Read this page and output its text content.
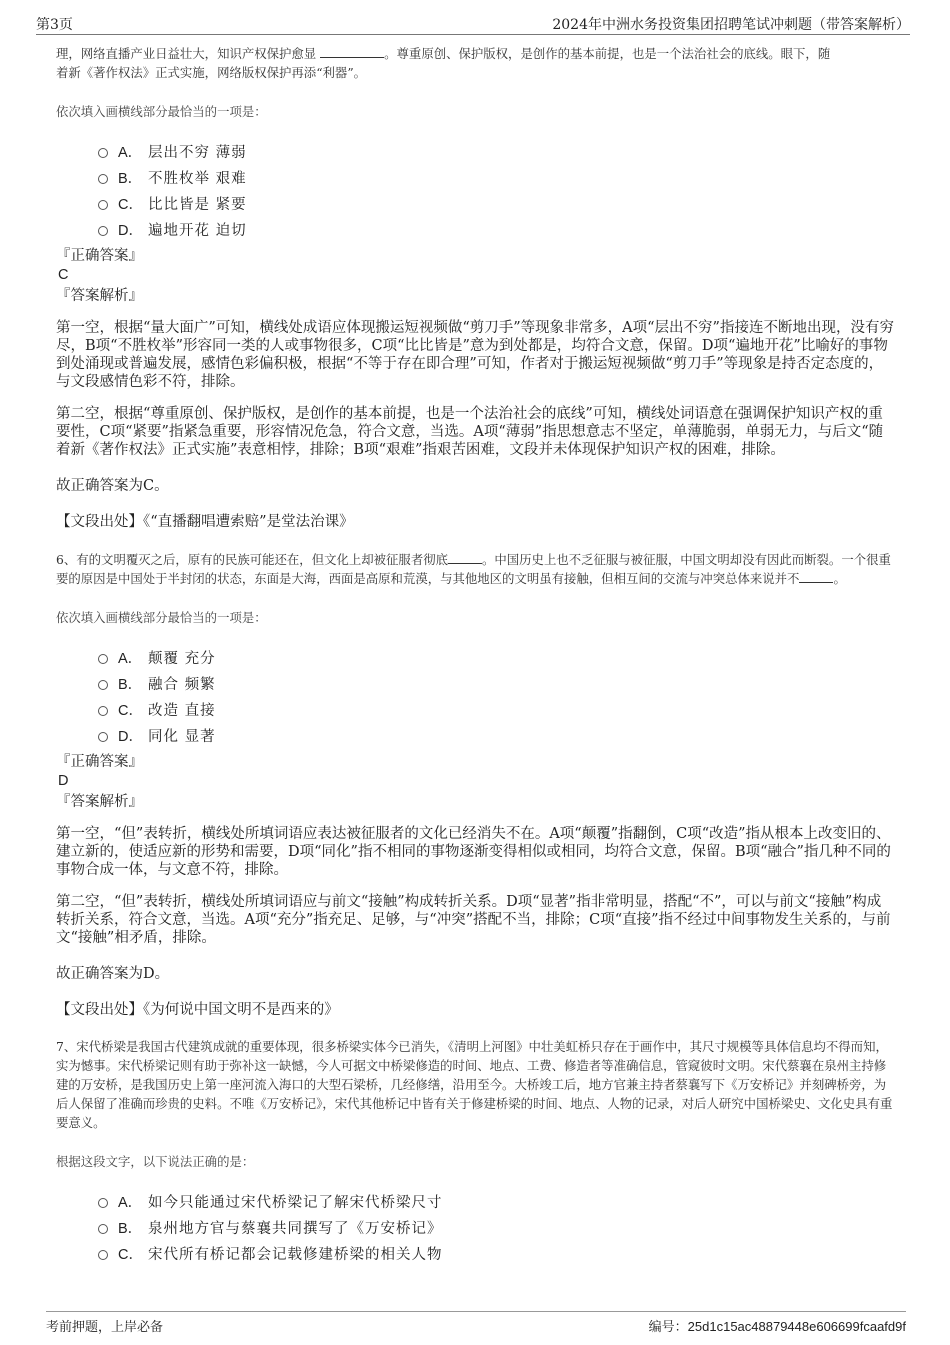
第3页	2024年中洲水务投资集团招聘笔试冲刺题（带答案解析）

理，网络直播产业日益壮大，知识产权保护愈显	。尊重原创、保护版权，是创作的基本前提，也是一个法治社会的底线。眼下，随
着新《著作权法》正式实施，网络版权保护再添“利器”。

依次填入画横线部分最恰当的一项是：

A． 层出不穷 薄弱
B． 不胜枚举 艰难
C． 比比皆是 紧要
D． 遍地开花 迫切

『正确答案』

C

『答案解析』

第一空，根据“量大面广”可知，横线处成语应体现搬运短视频做“剪刀手”等现象非常多，A项“层出不穷”指接连不断地出现，没有穷尽，B项“不胜枚举”形容同一类的人或事物很多，C项“比比皆是”意为到处都是，均符合文意，保留。D项“遍地开花”比喻好的事物到处涌现或普遍发展，感情色彩偏积极，根据“不等于存在即合理”可知，作者对于搬运短视频做“剪刀手”等现象是持否定态度的，与文段感情色彩不符，排除。

第二空，根据“尊重原创、保护版权，是创作的基本前提，也是一个法治社会的底线”可知，横线处词语意在强调保护知识产权的重要性，C项“紧要”指紧急重要，形容情况危急，符合文意，当选。A项“薄弱”指思想意志不坚定，单薄脆弱，单弱无力，与后文“随着新《著作权法》正式实施”表意相悖，排除；B项“艰难”指艰苦困难，文段并未体现保护知识产权的困难，排除。

故正确答案为C。

【文段出处】《“直播翻唱遭索赔”是堂法治课》

6、有的文明覆灭之后，原有的民族可能还在，但文化上却被征服者彻底	。中国历史上也不乏征服与被征服，中国文明却没有因此而断裂。一个很重要的原因是中国处于半封闭的状态，东面是大海，西面是高原和荒漠，与其他地区的文明虽有接触，但相互间的交流与冲突总体来说并不	。

依次填入画横线部分最恰当的一项是：

A． 颠覆 充分
B． 融合 频繁
C． 改造 直接
D． 同化 显著

『正确答案』

D

『答案解析』

第一空，“但”表转折，横线处所填词语应表达被征服者的文化已经消失不在。A项“颠覆”指翻倒，C项“改造”指从根本上改变旧的、建立新的，使适应新的形势和需要，D项“同化”指不相同的事物逐渐变得相似或相同，均符合文意，保留。B项“融合”指几种不同的事物合成一体，与文意不符，排除。

第二空，“但”表转折，横线处所填词语应与前文“接触”构成转折关系。D项“显著”指非常明显，搭配“不”，可以与前文“接触”构成转折关系，符合文意，当选。A项“充分”指充足、足够，与“冲突”搭配不当，排除；C项“直接”指不经过中间事物发生关系的，与前文“接触”相矛盾，排除。

故正确答案为D。

【文段出处】《为何说中国文明不是西来的》

7、宋代桥梁是我国古代建筑成就的重要体现，很多桥梁实体今已消失，《清明上河图》中壮美虹桥只存在于画作中，其尺寸规模等具体信息均不得而知，实为憾事。宋代桥梁记则有助于弥补这一缺憾，今人可据文中桥梁修造的时间、地点、工费、修造者等准确信息，管窥彼时文明。宋代蔡襄在泉州主持修建的万安桥，是我国历史上第一座河流入海口的大型石梁桥，几经修缮，沿用至今。大桥竣工后，地方官兼主持者蔡襄写下《万安桥记》并刻碑桥旁，为后人保留了准确而珍贵的史料。不唯《万安桥记》，宋代其他桥记中皆有关于修建桥梁的时间、地点、人物的记录，对后人研究中国桥梁史、文化史具有重要意义。

根据这段文字，以下说法正确的是：

A． 如今只能通过宋代桥梁记了解宋代桥梁尺寸
B． 泉州地方官与蔡襄共同撰写了《万安桥记》
C． 宋代所有桥记都会记载修建桥梁的相关人物
考前押题，上岸必备	编号：25d1c15ac48879448e606699fcaafd9f
